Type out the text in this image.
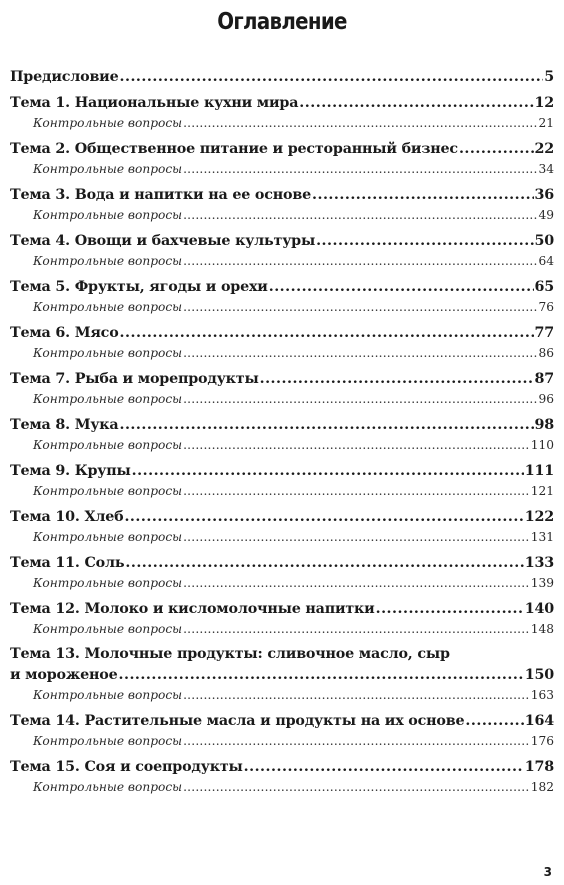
Оглавление
Предисловие .....	5
Тема 1. Национальные кухни мира .....	12
Контрольные вопросы .....	21
Тема 2. Общественное питание и ресторанный бизнес .....	22
Контрольные вопросы .....	34
Тема 3. Вода и напитки на ее основе .....	36
Контрольные вопросы .....	49
Тема 4. Овощи и бахчевые культуры .....	50
Контрольные вопросы .....	64
Тема 5. Фрукты, ягоды и орехи .....	65
Контрольные вопросы .....	76
Тема 6. Мясо .....	77
Контрольные вопросы .....	86
Тема 7. Рыба и морепродукты .....	87
Контрольные вопросы .....	96
Тема 8. Мука .....	98
Контрольные вопросы .....	110
Тема 9. Крупы .....	111
Контрольные вопросы .....	121
Тема 10. Хлеб .....	122
Контрольные вопросы .....	131
Тема 11. Соль .....	133
Контрольные вопросы .....	139
Тема 12. Молоко и кисломолочные напитки .....	140
Контрольные вопросы .....	148
Тема 13. Молочные продукты: сливочное масло, сыр
и мороженое .....	150
Контрольные вопросы .....	163
Тема 14. Растительные масла и продукты на их основе .....	164
Контрольные вопросы .....	176
Тема 15. Соя и соепродукты .....	178
Контрольные вопросы .....	182
3
